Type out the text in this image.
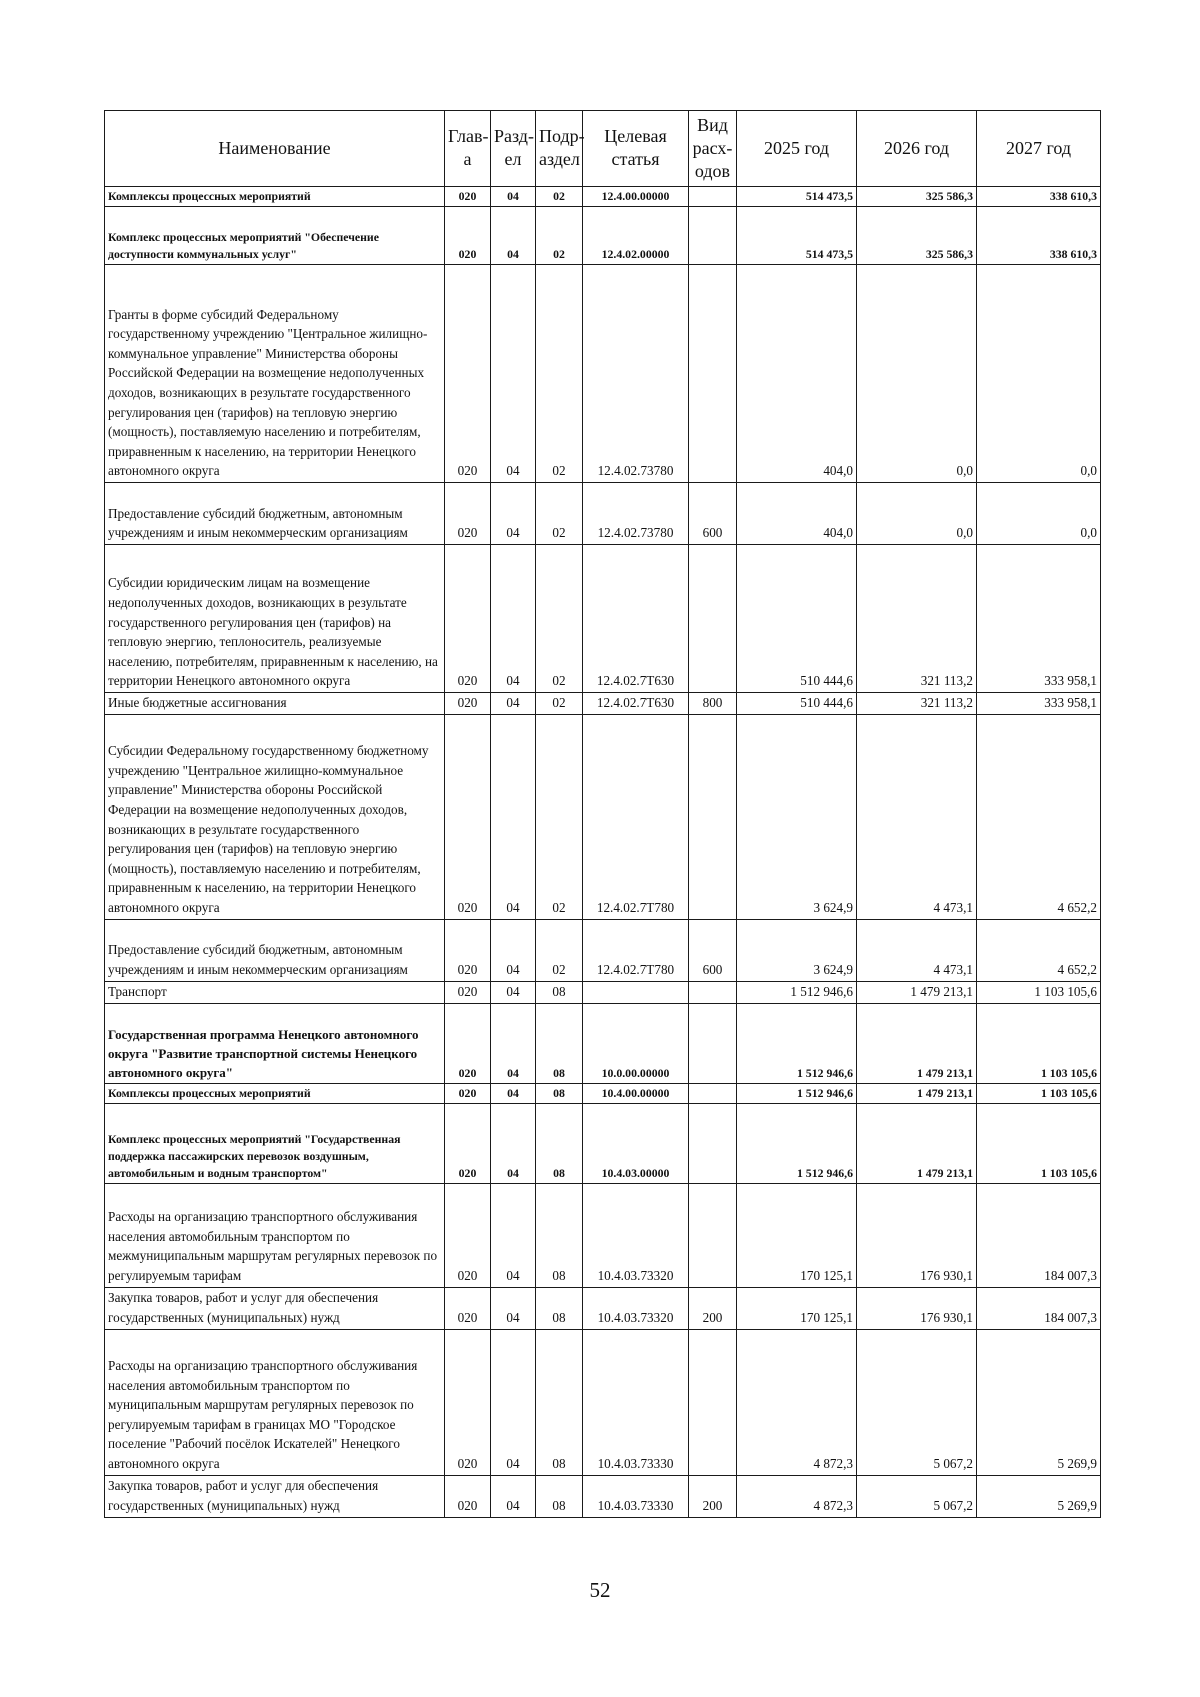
Наименование	Главa	Раздел	Подраздел	Целевая статья	Вид расходов	2025 год	2026 год	2027 год
Комплексы процессных мероприятий	020	04	02	12.4.00.00000		514 473,5	325 586,3	338 610,3
Комплекс процессных мероприятий "Обеспечение доступности коммунальных услуг"	020	04	02	12.4.02.00000		514 473,5	325 586,3	338 610,3
Гранты в форме субсидий Федеральному государственному учреждению "Центральное жилищно-коммунальное управление" Министерства обороны Российской Федерации на возмещение недополученных доходов, возникающих в результате государственного регулирования цен (тарифов) на тепловую энергию (мощность), поставляемую населению и потребителям, приравненным к населению, на территории Ненецкого автономного округа	020	04	02	12.4.02.73780		404,0	0,0	0,0
Предоставление субсидий бюджетным, автономным учреждениям и иным некоммерческим организациям	020	04	02	12.4.02.73780	600	404,0	0,0	0,0
Субсидии юридическим лицам на возмещение недополученных доходов, возникающих в результате государственного регулирования цен (тарифов) на тепловую энергию, теплоноситель, реализуемые населению, потребителям, приравненным к населению, на территории Ненецкого автономного округа	020	04	02	12.4.02.7Т630		510 444,6	321 113,2	333 958,1
Иные бюджетные ассигнования	020	04	02	12.4.02.7Т630	800	510 444,6	321 113,2	333 958,1
Субсидии Федеральному государственному бюджетному учреждению "Центральное жилищно-коммунальное управление" Министерства обороны Российской Федерации на возмещение недополученных доходов, возникающих в результате государственного регулирования цен (тарифов) на тепловую энергию (мощность), поставляемую населению и потребителям, приравненным к населению, на территории Ненецкого автономного округа	020	04	02	12.4.02.7Т780		3 624,9	4 473,1	4 652,2
Предоставление субсидий бюджетным, автономным учреждениям и иным некоммерческим организациям	020	04	02	12.4.02.7Т780	600	3 624,9	4 473,1	4 652,2
Транспорт	020	04	08			1 512 946,6	1 479 213,1	1 103 105,6
Государственная программа Ненецкого автономного округа "Развитие транспортной системы Ненецкого автономного округа"	020	04	08	10.0.00.00000		1 512 946,6	1 479 213,1	1 103 105,6
Комплексы процессных мероприятий	020	04	08	10.4.00.00000		1 512 946,6	1 479 213,1	1 103 105,6
Комплекс процессных мероприятий "Государственная поддержка пассажирских перевозок воздушным, автомобильным и водным транспортом"	020	04	08	10.4.03.00000		1 512 946,6	1 479 213,1	1 103 105,6
Расходы на организацию транспортного обслуживания населения автомобильным транспортом по межмуниципальным маршрутам регулярных перевозок по регулируемым тарифам	020	04	08	10.4.03.73320		170 125,1	176 930,1	184 007,3
Закупка товаров, работ и услуг для обеспечения государственных (муниципальных) нужд	020	04	08	10.4.03.73320	200	170 125,1	176 930,1	184 007,3
Расходы на организацию транспортного обслуживания населения автомобильным транспортом по муниципальным маршрутам регулярных перевозок по регулируемым тарифам в границах МО "Городское поселение "Рабочий посёлок Искателей" Ненецкого автономного округа	020	04	08	10.4.03.73330		4 872,3	5 067,2	5 269,9
Закупка товаров, работ и услуг для обеспечения государственных (муниципальных) нужд	020	04	08	10.4.03.73330	200	4 872,3	5 067,2	5 269,9
52
